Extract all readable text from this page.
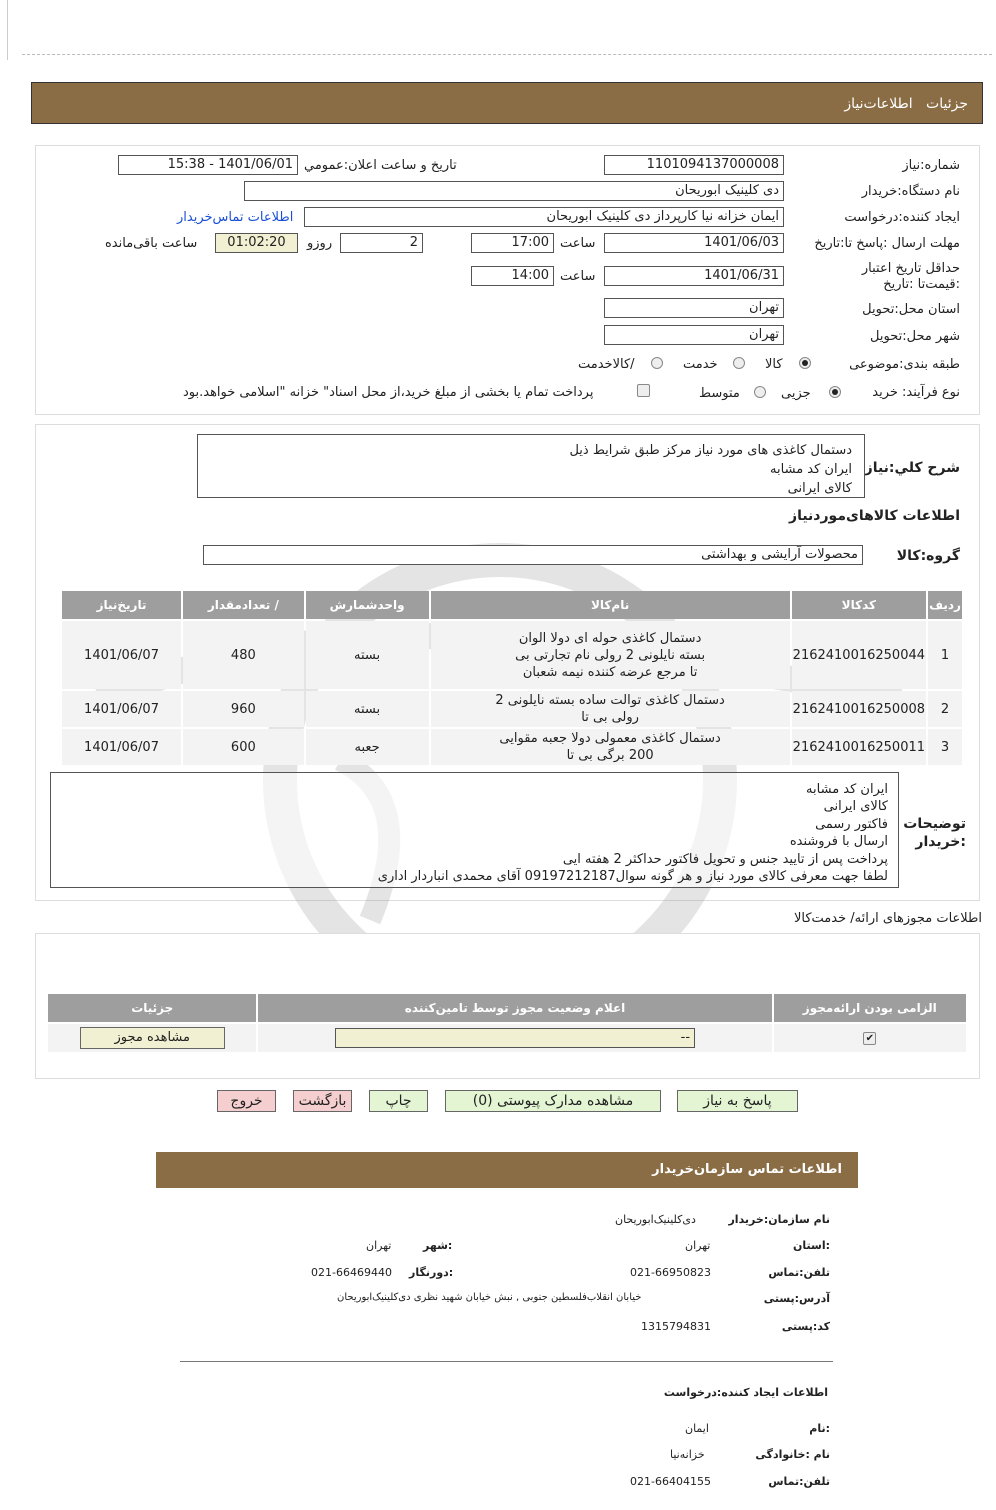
جزئیات   اطلاعات‌نیاز
شماره:نیاز
1101094137000008
تاریخ و ساعت اعلان:عمومي
1401/06/01 - 15:38
نام دستگاه:خريدار
دی کلینیک ابوریحان
ايجاد كننده:درخواست
ایمان خزانه نیا کارپرداز دی کلینیک ابوریحان
اطلاعات تماس‌خریدار
مهلت ارسال :پاسخ تا:تاريخ
1401/06/03
ساعت
17:00
2
روزو
01:02:20
ساعت باقی‌مانده
حداقل تاريخ اعتبار :قيمت‌تا :تاريخ
1401/06/31
ساعت
14:00
استان محل:تحويل
تهران
شهر محل:تحويل
تهران
طبقه بندی:موضوعی
کالا
خدمت
/کالاخدمت
نوع فرآيند: خريد
جزیی
متوسط
پرداخت تمام یا بخشی از مبلغ خرید،از محل اسناد" خزانه "اسلامی خواهد.بود
شرح كلي:نياز
دستمال کاغذی های مورد نیاز مرکز طبق شرایط ذیل
ایران کد مشابه
کالای ایرانی
اطلاعات کالاهای‌موردنیاز
گروه:کالا
محصولات آرایشی و بهداشتی
رديف	كدكالا	نام‌كالا	واحدشمارش	/ تعدادمقدار	تاريخ‌نياز
1	2162410016250044	دستمال کاغذی حوله ای دولا الوان بسته نایلونی 2 رولی نام تجارتی بی تا مرجع عرضه کننده نیمه شعبان	بسته	480	1401/06/07
2	2162410016250008	دستمال کاغذی توالت ساده بسته نایلونی 2 رولی بی تا	بسته	960	1401/06/07
3	2162410016250011	دستمال کاغذی معمولی دولا جعبه مقوایی 200 برگی بی تا	جعبه	600	1401/06/07
توضيحات :خريدار
ایران کد مشابه
کالای ایرانی
فاکتور رسمی
ارسال با فروشنده
پرداخت پس از تایید جنس و تحویل فاکتور حداکثر 2 هفته ایی
لطفا جهت معرفی کالای مورد نیاز و هر گونه سوال09197212187 آقای محمدی انباردار اداری
اطلاعات مجوزهای ارائه/ خدمت‌کالا
الزامی بودن ارائه‌مجوز	اعلام وضعیت مجوز توسط تامین‌کننده	جزئیات

✔	--	مشاهده مجوز
پاسخ به نیاز
مشاهده مدارک پیوستی (0)
چاپ
بازگشت
خروج
اطلاعات تماس سازمان‌خریدار
نام سازمان:خریدار
دی‌کلینیک‌ابوریحان
:استان
تهران
:شهر
تهران
تلفن:تماس
021-66950823
:دورنگار
021-66469440
آدرس:پستی
خیابان انقلاب‌فلسطین جنوبی , نبش خیابان شهید نظری دی‌کلینیک‌ابوریحان
کد:پستی
1315794831
اطلاعات ایجاد کننده:درخواست
:نام
ایمان
نام :خانوادگی
خزانه‌نیا
تلفن:تماس
021-66404155
